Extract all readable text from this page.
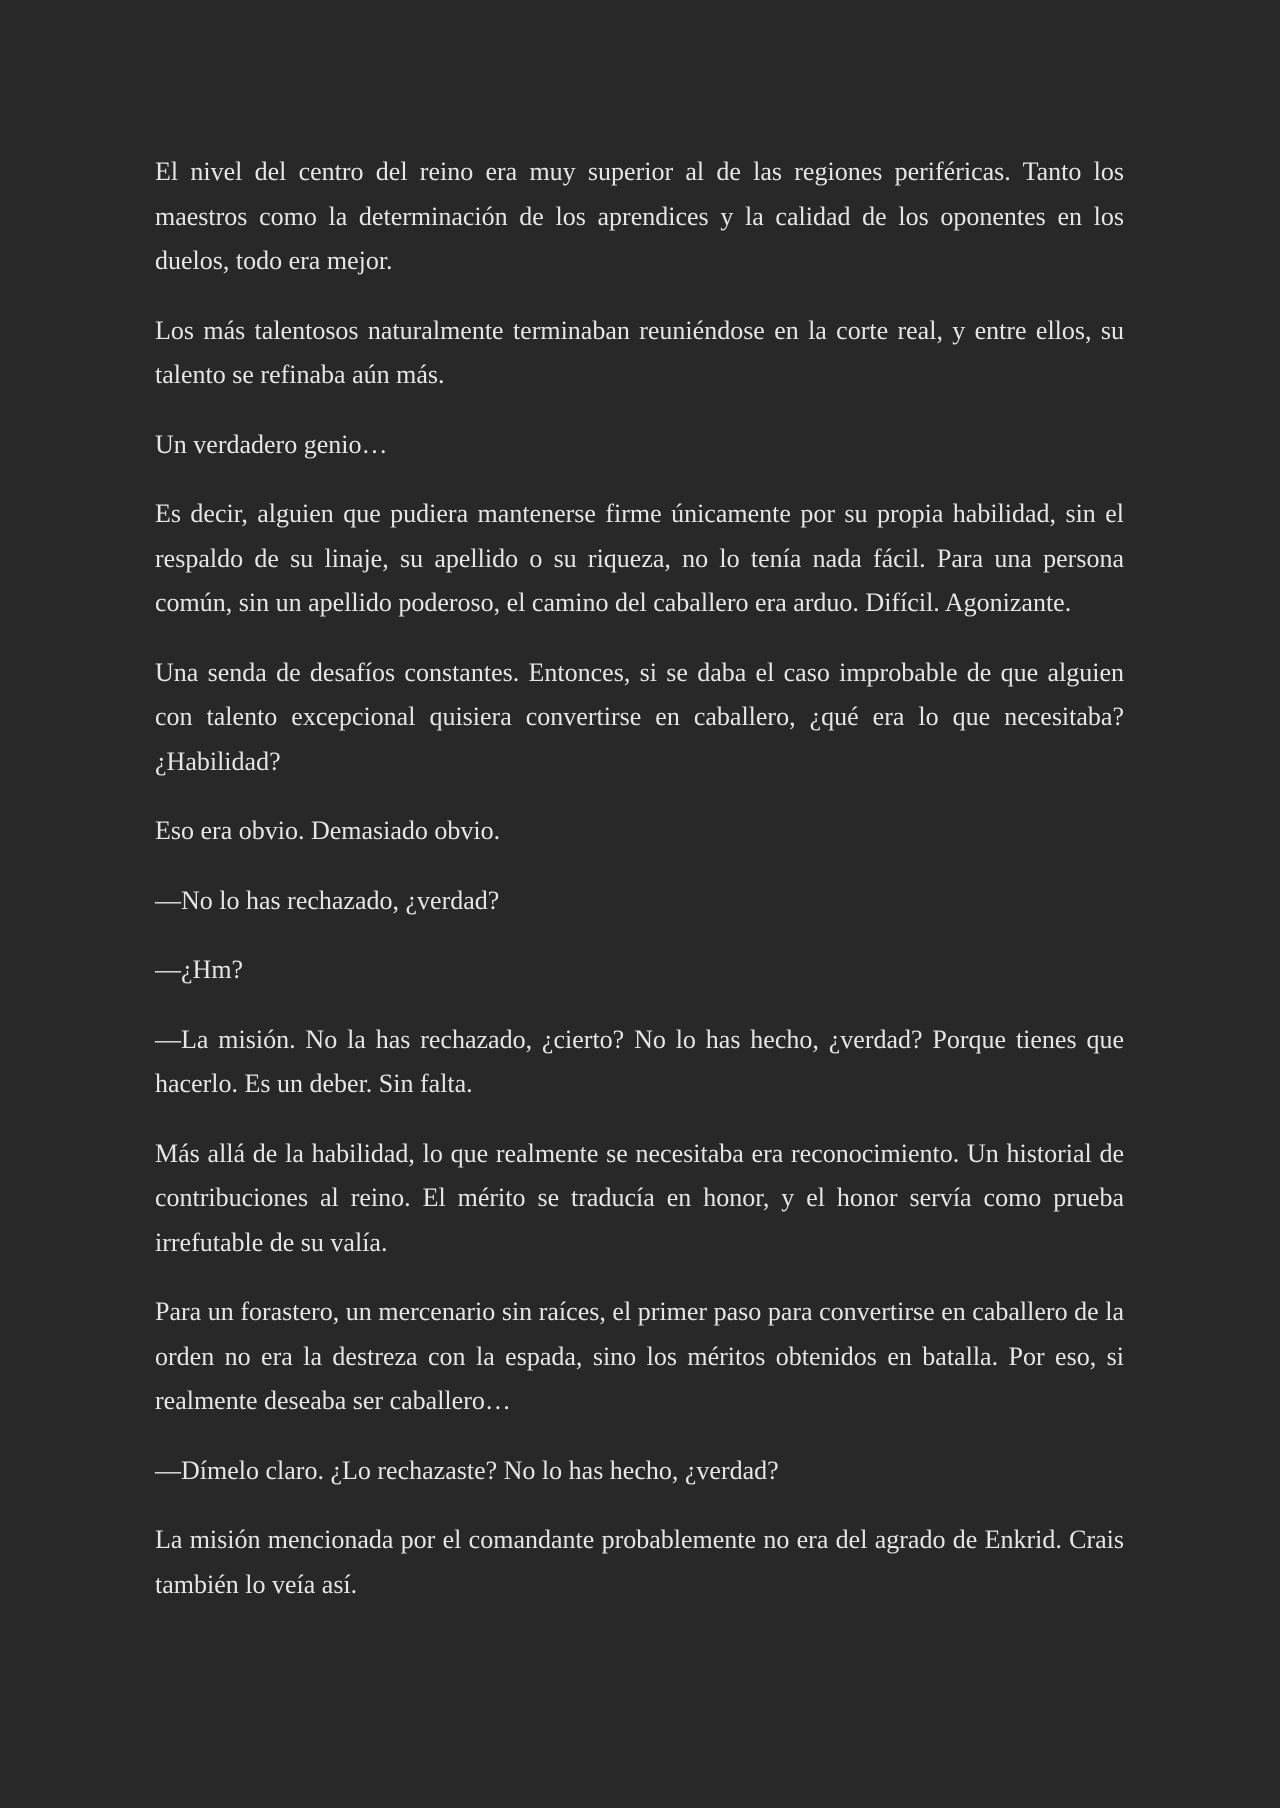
El nivel del centro del reino era muy superior al de las regiones periféricas. Tanto los maestros como la determinación de los aprendices y la calidad de los oponentes en los duelos, todo era mejor.

Los más talentosos naturalmente terminaban reuniéndose en la corte real, y entre ellos, su talento se refinaba aún más.

Un verdadero genio…

Es decir, alguien que pudiera mantenerse firme únicamente por su propia habilidad, sin el respaldo de su linaje, su apellido o su riqueza, no lo tenía nada fácil. Para una persona común, sin un apellido poderoso, el camino del caballero era arduo. Difícil. Agonizante.

Una senda de desafíos constantes. Entonces, si se daba el caso improbable de que alguien con talento excepcional quisiera convertirse en caballero, ¿qué era lo que necesitaba? ¿Habilidad?

Eso era obvio. Demasiado obvio.

—No lo has rechazado, ¿verdad?

—¿Hm?

—La misión. No la has rechazado, ¿cierto? No lo has hecho, ¿verdad? Porque tienes que hacerlo. Es un deber. Sin falta.

Más allá de la habilidad, lo que realmente se necesitaba era reconocimiento. Un historial de contribuciones al reino. El mérito se traducía en honor, y el honor servía como prueba irrefutable de su valía.

Para un forastero, un mercenario sin raíces, el primer paso para convertirse en caballero de la orden no era la destreza con la espada, sino los méritos obtenidos en batalla. Por eso, si realmente deseaba ser caballero…

—Dímelo claro. ¿Lo rechazaste? No lo has hecho, ¿verdad?

La misión mencionada por el comandante probablemente no era del agrado de Enkrid. Crais también lo veía así.
